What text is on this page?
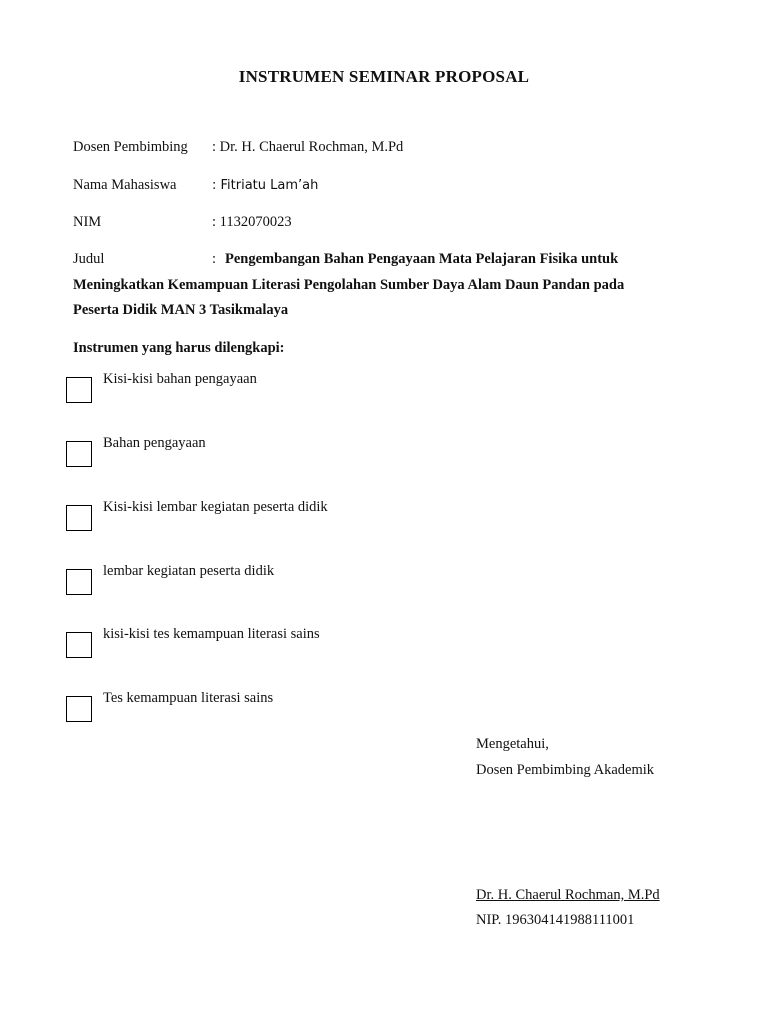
INSTRUMEN SEMINAR PROPOSAL
Dosen Pembimbing : Dr. H. Chaerul Rochman, M.Pd
Nama Mahasiswa	: Fitriatu Lam’ah
NIM	: 1132070023
Judul	: Pengembangan Bahan Pengayaan Mata Pelajaran Fisika untuk
Meningkatkan Kemampuan Literasi Pengolahan Sumber Daya Alam Daun Pandan pada
Peserta Didik MAN 3 Tasikmalaya
Instrumen yang harus dilengkapi:
Kisi-kisi bahan pengayaan
Bahan pengayaan
Kisi-kisi lembar kegiatan peserta didik
lembar kegiatan peserta didik
kisi-kisi tes kemampuan literasi sains
Tes kemampuan literasi sains
Mengetahui,
Dosen Pembimbing Akademik
Dr. H. Chaerul Rochman, M.Pd
NIP. 196304141988111001
